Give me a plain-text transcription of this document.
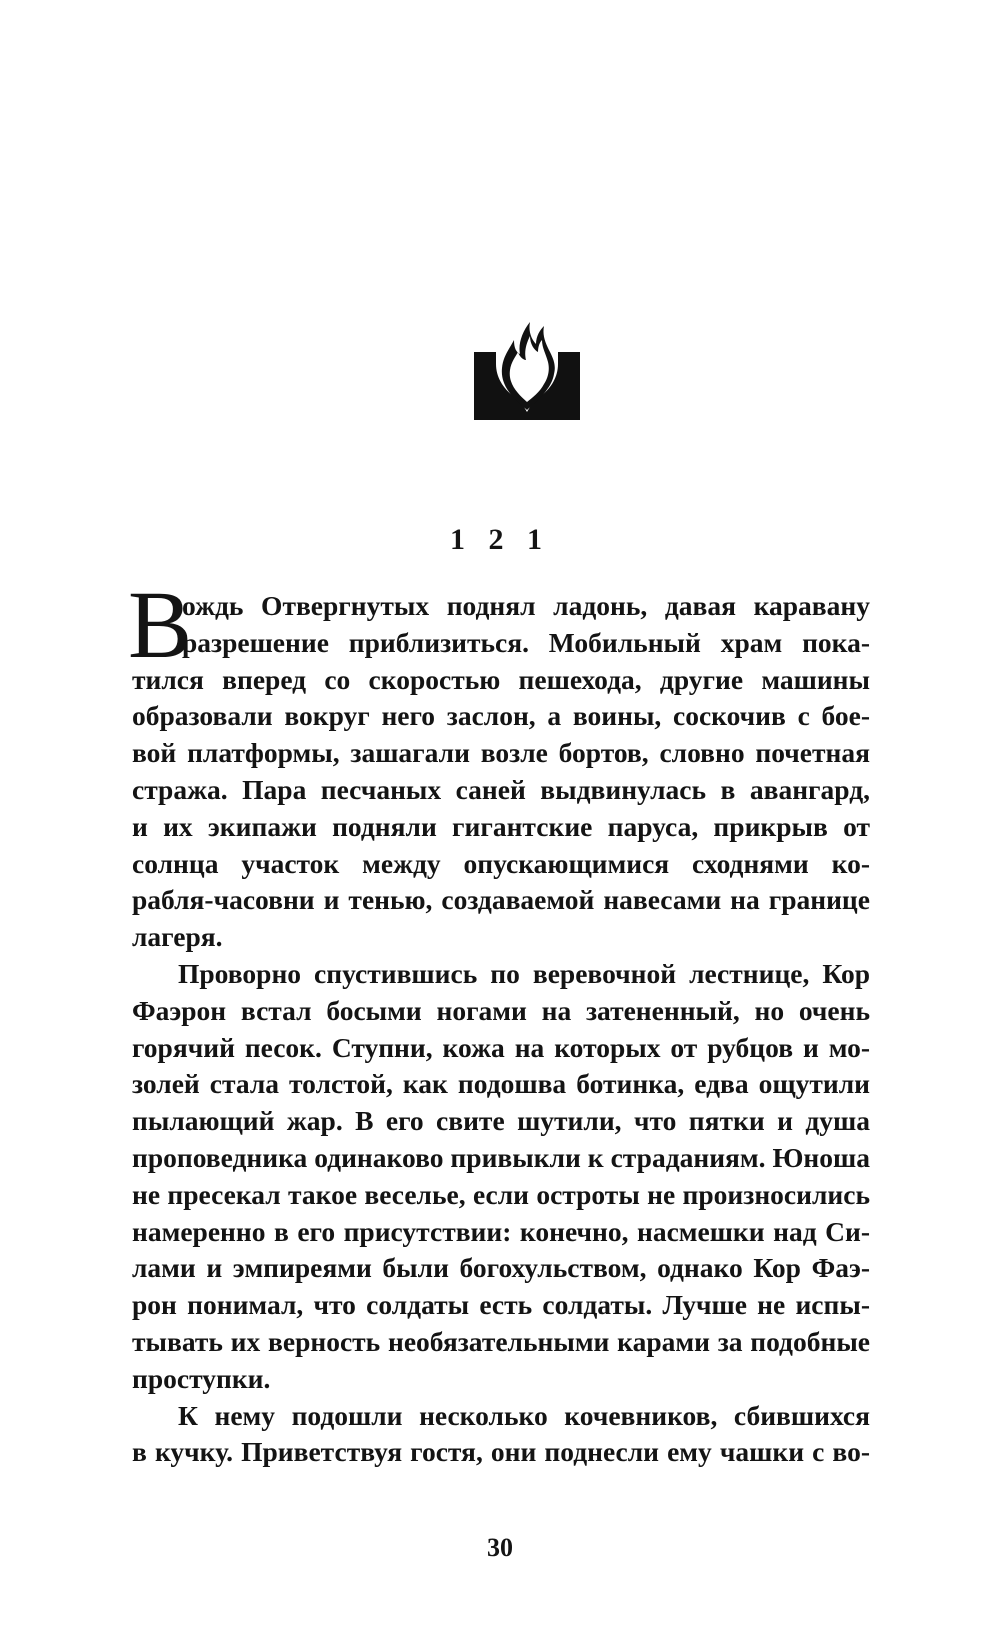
1 2 1
В
ождь Отвергнутых поднял ладонь, давая каравану
разрешение приблизиться. Мобильный храм пока-
тился вперед со скоростью пешехода, другие машины
образовали вокруг него заслон, а воины, соскочив с бое-
вой платформы, зашагали возле бортов, словно почетная
стража. Пара песчаных саней выдвинулась в авангард,
и их экипажи подняли гигантские паруса, прикрыв от
солнца участок между опускающимися сходнями ко-
рабля-часовни и тенью, создаваемой навесами на границе
лагеря.
Проворно спустившись по веревочной лестнице, Кор
Фаэрон встал босыми ногами на затененный, но очень
горячий песок. Ступни, кожа на которых от рубцов и мо-
золей стала толстой, как подошва ботинка, едва ощутили
пылающий жар. В его свите шутили, что пятки и душа
проповедника одинаково привыкли к страданиям. Юноша
не пресекал такое веселье, если остроты не произносились
намеренно в его присутствии: конечно, насмешки над Си-
лами и эмпиреями были богохульством, однако Кор Фаэ-
рон понимал, что солдаты есть солдаты. Лучше не испы-
тывать их верность необязательными карами за подобные
проступки.
К нему подошли несколько кочевников, сбившихся
в кучку. Приветствуя гостя, они поднесли ему чашки с во-
30
